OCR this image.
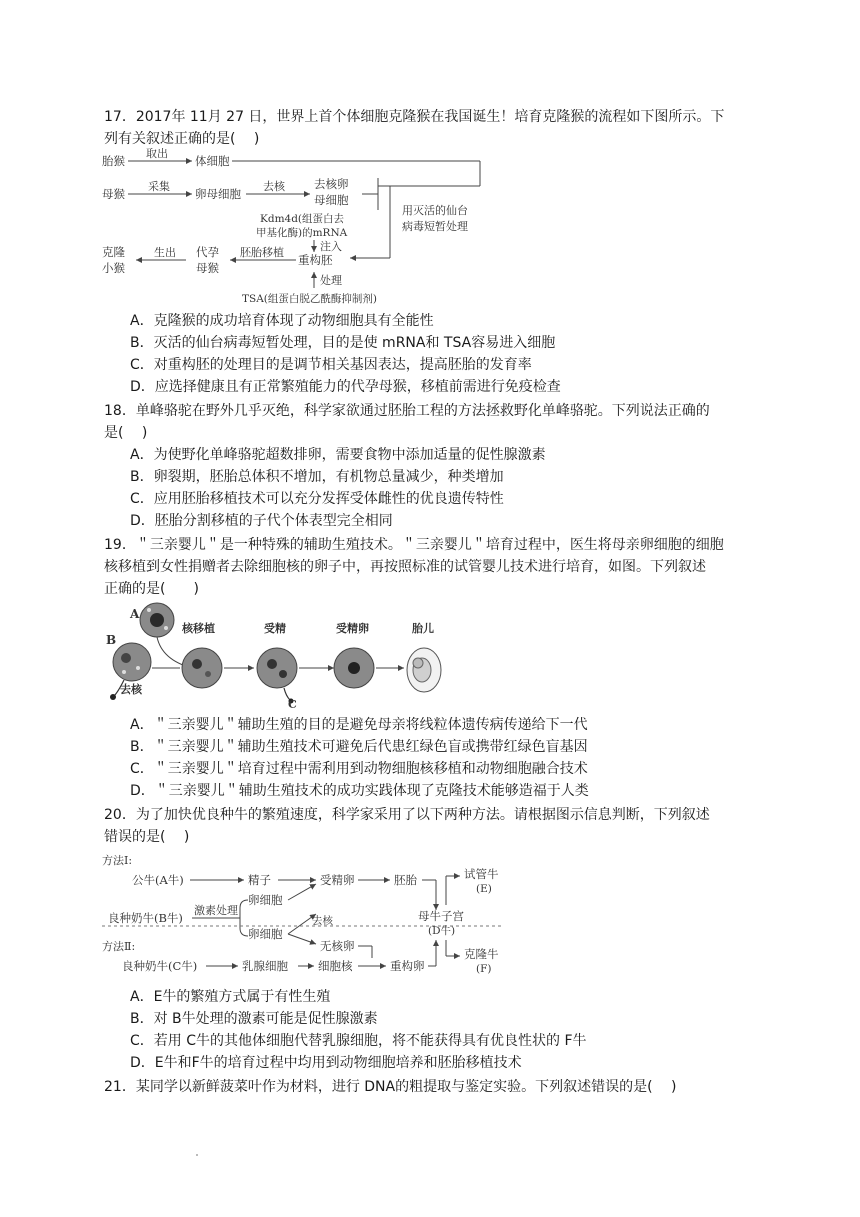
17．2017年 11月 27 日，世界上首个体细胞克隆猴在我国诞生！培育克隆猴的流程如下图所示。下
列有关叙述正确的是(　 )
胎猴
取出
体细胞
母猴
采集
卵母细胞
去核	去核卵
母细胞
用灭活的仙台
病毒短暂处理
Kdm4d(组蛋白去
甲基化酶)的mRNA
注入
克隆
小猴
生出 代孕
母猴
胚胎移植
重构胚
处理
TSA(组蛋白脱乙酰酶抑制剂)
A．克隆猴的成功培育体现了动物细胞具有全能性
B．灭活的仙台病毒短暂处理，目的是使 mRNA和 TSA容易进入细胞
C．对重构胚的处理目的是调节相关基因表达，提高胚胎的发育率
D．应选择健康且有正常繁殖能力的代孕母猴，移植前需进行免疫检查
18．单峰骆驼在野外几乎灭绝，科学家欲通过胚胎工程的方法拯救野化单峰骆驼。下列说法正确的
是(　 )
A．为使野化单峰骆驼超数排卵，需要食物中添加适量的促性腺激素
B．卵裂期，胚胎总体积不增加，有机物总量减少，种类增加
C．应用胚胎移植技术可以充分发挥受体雌性的优良遗传特性
D．胚胎分割移植的子代个体表型完全相同
19．＂三亲婴儿＂是一种特殊的辅助生殖技术。＂三亲婴儿＂培育过程中，医生将母亲卵细胞的细胞
核移植到女性捐赠者去除细胞核的卵子中，再按照标准的试管婴儿技术进行培育，如图。下列叙述
正确的是(　　)
A
B
去核
核移植	受精
C
受精卵	胎儿
A．＂三亲婴儿＂辅助生殖的目的是避免母亲将线粒体遗传病传递给下一代
B．＂三亲婴儿＂辅助生殖技术可避免后代患红绿色盲或携带红绿色盲基因
C．＂三亲婴儿＂培育过程中需利用到动物细胞核移植和动物细胞融合技术
D．＂三亲婴儿＂辅助生殖技术的成功实践体现了克隆技术能够造福于人类
20．为了加快优良种牛的繁殖速度，科学家采用了以下两种方法。请根据图示信息判断，下列叙述
错误的是(　 )
方法Ⅰ:
公牛(A牛)	精子	受精卵	胚胎	试管牛
(E)
良种奶牛(B牛)
激素处理
卵细胞
卵细胞
去核	母牛子宫
(D牛)
无核卵
方法Ⅱ:
良种奶牛(C牛)	乳腺细胞	细胞核	重构卵
克隆牛
(F)
A．E牛的繁殖方式属于有性生殖
B．对 B牛处理的激素可能是促性腺激素
C．若用 C牛的其他体细胞代替乳腺细胞，将不能获得具有优良性状的 F牛
D．E牛和F牛的培育过程中均用到动物细胞培养和胚胎移植技术
21．某同学以新鲜菠菜叶作为材料，进行 DNA的粗提取与鉴定实验。下列叙述错误的是(　 )
